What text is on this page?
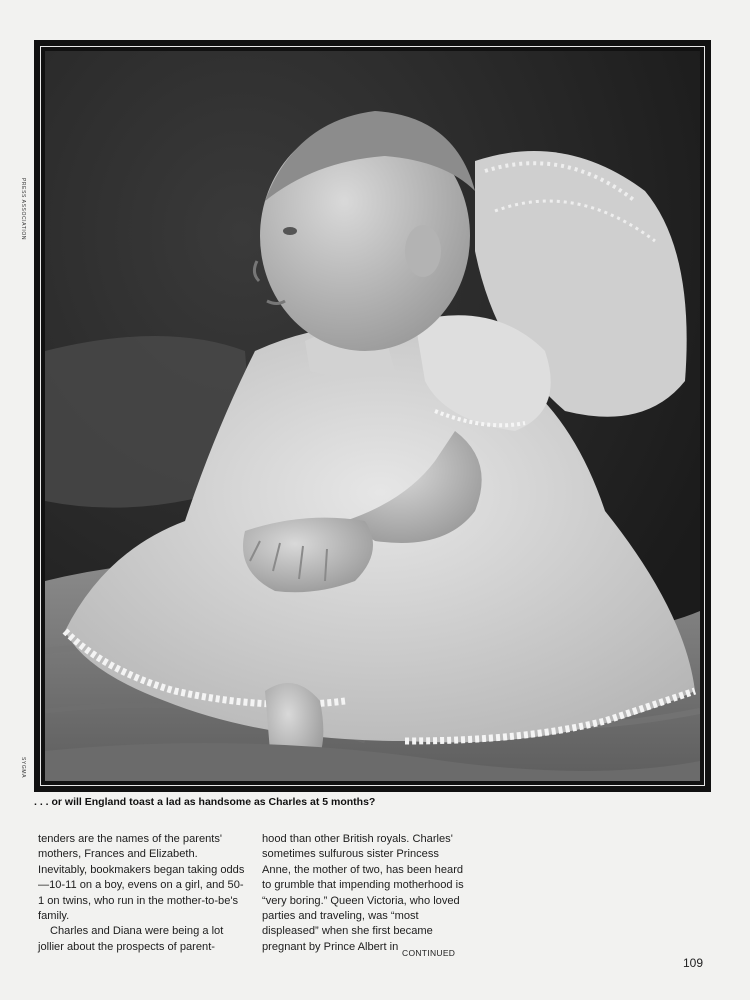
PRESS ASSOCIATION
SYGMA
. . . or will England toast a lad as handsome as Charles at 5 months?

tenders are the names of the parents' mothers, Frances and Elizabeth. Inevitably, bookmakers began taking odds—10-11 on a boy, evens on a girl, and 50-1 on twins, who run in the mother-to-be's family.

Charles and Diana were being a lot jollier about the prospects of parent-

hood than other British royals. Charles' sometimes sulfurous sister Princess Anne, the mother of two, has been heard to grumble that impending motherhood is “very boring.” Queen Victoria, who loved parties and traveling, was “most displeased” when she first became pregnant by Prince Albert in

CONTINUED
109
